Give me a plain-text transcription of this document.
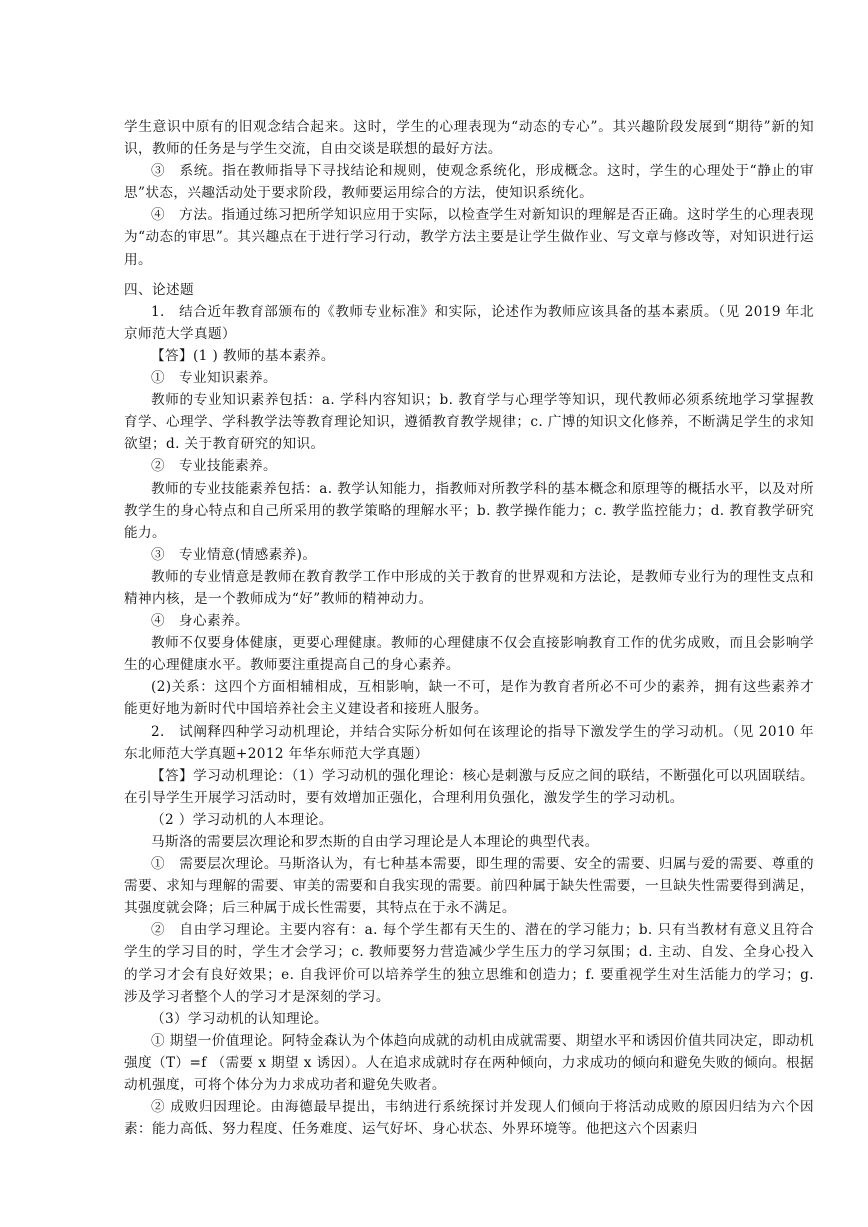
学生意识中原有的旧观念结合起来。这时，学生的心理表现为“动态的专心”。其兴趣阶段发展到“期待”新的知识，教师的任务是与学生交流，自由交谈是联想的最好方法。

③　系统。指在教师指导下寻找结论和规则，使观念系统化，形成概念。这时，学生的心理处于“静止的审思”状态，兴趣活动处于要求阶段，教师要运用综合的方法，使知识系统化。

④　方法。指通过练习把所学知识应用于实际，以检查学生对新知识的理解是否正确。这时学生的心理表现为“动态的审思”。其兴趣点在于进行学习行动，教学方法主要是让学生做作业、写文章与修改等，对知识进行运用。

四、论述题

1.　结合近年教育部颁布的《教师专业标准》和实际，论述作为教师应该具备的基本素质。（见 2019 年北京师范大学真题）

【答】(1 ) 教师的基本素养。

①　专业知识素养。

教师的专业知识素养包括：a. 学科内容知识；b. 教育学与心理学等知识，现代教师必须系统地学习掌握教育学、心理学、学科教学法等教育理论知识，遵循教育教学规律；c. 广博的知识文化修养，不断满足学生的求知欲望；d. 关于教育研究的知识。

②　专业技能素养。

教师的专业技能素养包括：a. 教学认知能力，指教师对所教学科的基本概念和原理等的概括水平，以及对所教学生的身心特点和自己所采用的教学策略的理解水平；b. 教学操作能力；c. 教学监控能力；d. 教育教学研究能力。

③　专业情意(情感素养)。

教师的专业情意是教师在教育教学工作中形成的关于教育的世界观和方法论，是教师专业行为的理性支点和精神内核，是一个教师成为“好”教师的精神动力。

④　身心素养。

教师不仅要身体健康，更要心理健康。教师的心理健康不仅会直接影响教育工作的优劣成败，而且会影响学生的心理健康水平。教师要注重提高自己的身心素养。

(2)关系：这四个方面相辅相成，互相影响，缺一不可，是作为教育者所必不可少的素养，拥有这些素养才能更好地为新时代中国培养社会主义建设者和接班人服务。

2.　试阐释四种学习动机理论，并结合实际分析如何在该理论的指导下激发学生的学习动机。（见 2010 年东北师范大学真题+2012 年华东师范大学真题）

【答】学习动机理论：（1）学习动机的强化理论：核心是刺激与反应之间的联结，不断强化可以巩固联结。在引导学生开展学习活动时，要有效增加正强化，合理利用负强化，激发学生的学习动机。

（2 ）学习动机的人本理论。

马斯洛的需要层次理论和罗杰斯的自由学习理论是人本理论的典型代表。

①　需要层次理论。马斯洛认为，有七种基本需要，即生理的需要、安全的需要、归属与爱的需要、尊重的需要、求知与理解的需要、审美的需要和自我实现的需要。前四种属于缺失性需要，一旦缺失性需要得到满足，其强度就会降；后三种属于成长性需要，其特点在于永不满足。

②　自由学习理论。主要内容有：a. 每个学生都有天生的、潜在的学习能力；b. 只有当教材有意义且符合学生的学习目的时，学生才会学习；c. 教师要努力营造减少学生压力的学习氛围；d. 主动、自发、全身心投入的学习才会有良好效果；e. 自我评价可以培养学生的独立思维和创造力；f. 要重视学生对生活能力的学习；g. 涉及学习者整个人的学习才是深刻的学习。

（3）学习动机的认知理论。

① 期望一价值理论。阿特金森认为个体趋向成就的动机由成就需要、期望水平和诱因价值共同决定，即动机强度（T）=f （需要 x 期望 x 诱因）。人在追求成就时存在两种倾向，力求成功的倾向和避免失败的倾向。根据动机强度，可将个体分为力求成功者和避免失败者。

② 成败归因理论。由海德最早提出，韦纳进行系统探讨并发现人们倾向于将活动成败的原因归结为六个因素：能力高低、努力程度、任务难度、运气好坏、身心状态、外界环境等。他把这六个因素归
